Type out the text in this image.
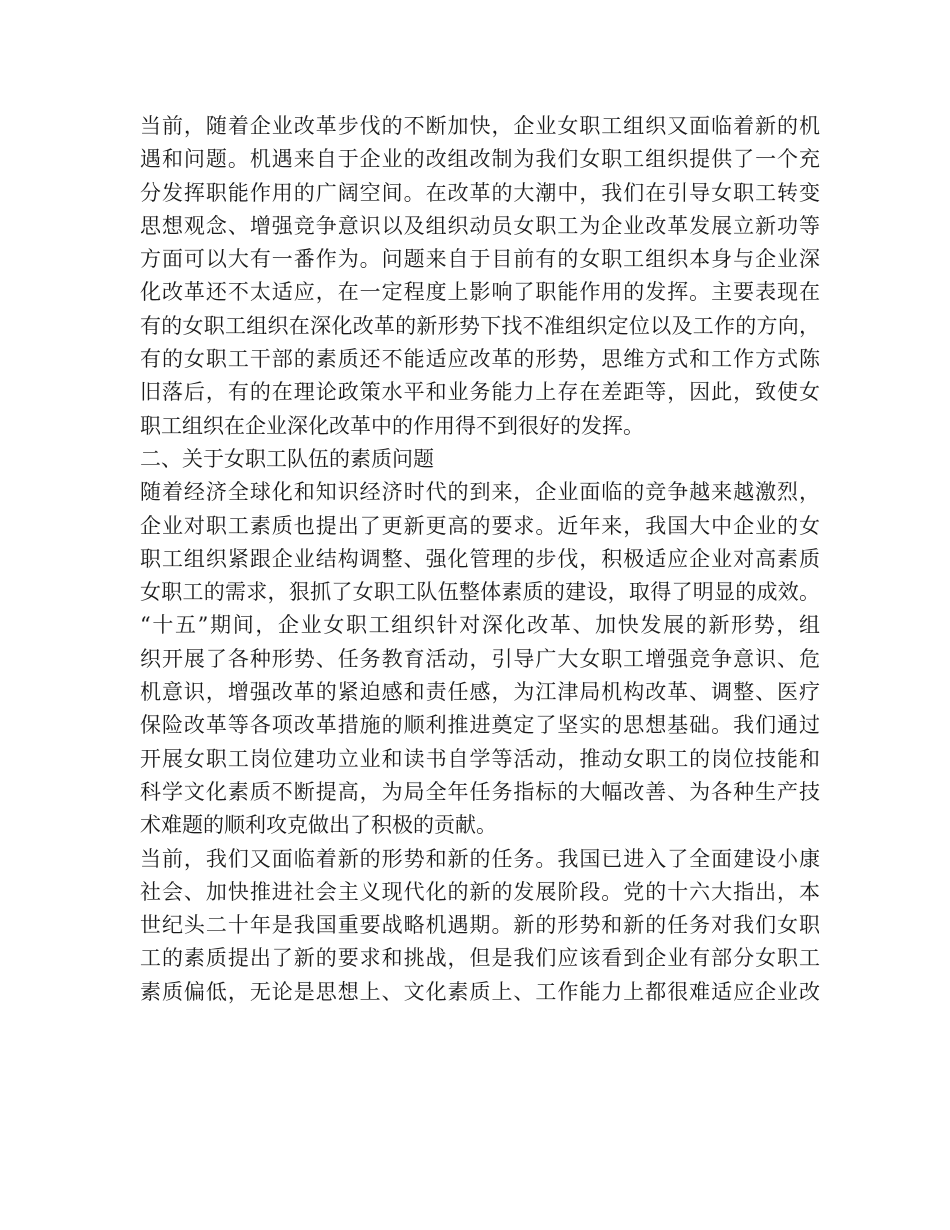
当前，随着企业改革步伐的不断加快，企业女职工组织又面临着新的机
遇和问题。机遇来自于企业的改组改制为我们女职工组织提供了一个充
分发挥职能作用的广阔空间。在改革的大潮中，我们在引导女职工转变
思想观念、增强竞争意识以及组织动员女职工为企业改革发展立新功等
方面可以大有一番作为。问题来自于目前有的女职工组织本身与企业深
化改革还不太适应，在一定程度上影响了职能作用的发挥。主要表现在
有的女职工组织在深化改革的新形势下找不准组织定位以及工作的方向，
有的女职工干部的素质还不能适应改革的形势，思维方式和工作方式陈
旧落后，有的在理论政策水平和业务能力上存在差距等，因此，致使女
职工组织在企业深化改革中的作用得不到很好的发挥。
二、关于女职工队伍的素质问题
随着经济全球化和知识经济时代的到来，企业面临的竞争越来越激烈，
企业对职工素质也提出了更新更高的要求。近年来，我国大中企业的女
职工组织紧跟企业结构调整、强化管理的步伐，积极适应企业对高素质
女职工的需求，狠抓了女职工队伍整体素质的建设，取得了明显的成效。
“十五”期间，企业女职工组织针对深化改革、加快发展的新形势，组
织开展了各种形势、任务教育活动，引导广大女职工增强竞争意识、危
机意识，增强改革的紧迫感和责任感，为江津局机构改革、调整、医疗
保险改革等各项改革措施的顺利推进奠定了坚实的思想基础。我们通过
开展女职工岗位建功立业和读书自学等活动，推动女职工的岗位技能和
科学文化素质不断提高，为局全年任务指标的大幅改善、为各种生产技
术难题的顺利攻克做出了积极的贡献。
当前，我们又面临着新的形势和新的任务。我国已进入了全面建设小康
社会、加快推进社会主义现代化的新的发展阶段。党的十六大指出，本
世纪头二十年是我国重要战略机遇期。新的形势和新的任务对我们女职
工的素质提出了新的要求和挑战，但是我们应该看到企业有部分女职工
素质偏低，无论是思想上、文化素质上、工作能力上都很难适应企业改
